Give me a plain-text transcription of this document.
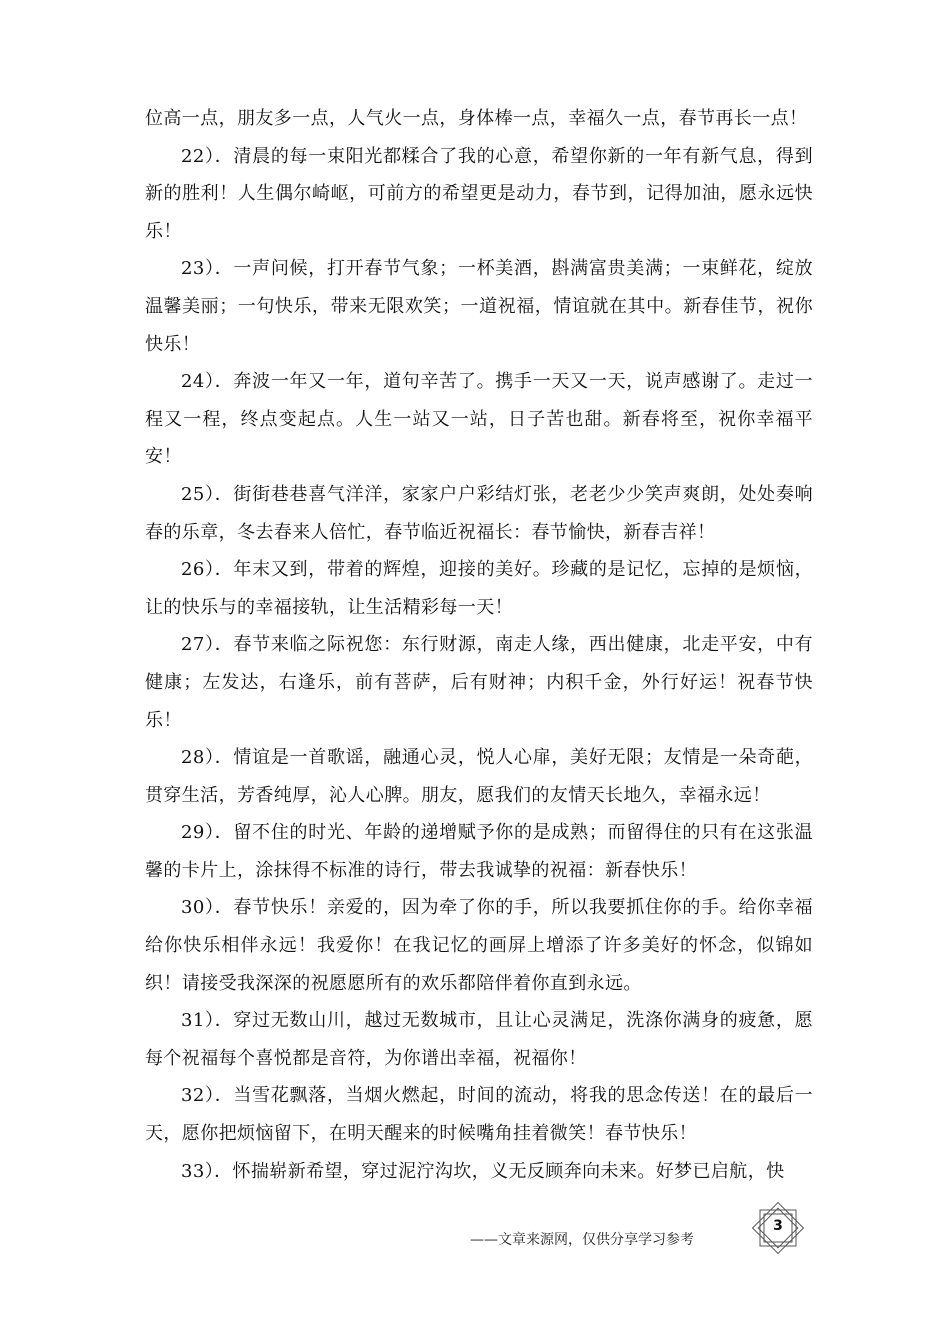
位高一点，朋友多一点，人气火一点，身体棒一点，幸福久一点，春节再长一点！

22）．清晨的每一束阳光都糅合了我的心意，希望你新的一年有新气息，得到新的胜利！人生偶尔崎岖，可前方的希望更是动力，春节到，记得加油，愿永远快乐！

23）．一声问候，打开春节气象；一杯美酒，斟满富贵美满；一束鲜花，绽放温馨美丽；一句快乐，带来无限欢笑；一道祝福，情谊就在其中。新春佳节，祝你快乐！

24）．奔波一年又一年，道句辛苦了。携手一天又一天，说声感谢了。走过一程又一程，终点变起点。人生一站又一站，日子苦也甜。新春将至，祝你幸福平安！

25）．街街巷巷喜气洋洋，家家户户彩结灯张，老老少少笑声爽朗，处处奏响春的乐章，冬去春来人倍忙，春节临近祝福长：春节愉快，新春吉祥！

26）．年末又到，带着的辉煌，迎接的美好。珍藏的是记忆，忘掉的是烦恼，让的快乐与的幸福接轨，让生活精彩每一天！

27）．春节来临之际祝您：东行财源，南走人缘，西出健康，北走平安，中有健康；左发达，右逢乐，前有菩萨，后有财神；内积千金，外行好运！祝春节快乐！

28）．情谊是一首歌谣，融通心灵，悦人心扉，美好无限；友情是一朵奇葩，贯穿生活，芳香纯厚，沁人心脾。朋友，愿我们的友情天长地久，幸福永远！

29）．留不住的时光、年龄的递增赋予你的是成熟；而留得住的只有在这张温馨的卡片上，涂抹得不标准的诗行，带去我诚挚的祝福：新春快乐！

30）．春节快乐！亲爱的，因为牵了你的手，所以我要抓住你的手。给你幸福给你快乐相伴永远！我爱你！在我记忆的画屏上增添了许多美好的怀念，似锦如织！请接受我深深的祝愿愿所有的欢乐都陪伴着你直到永远。

31）．穿过无数山川，越过无数城市，且让心灵满足，洗涤你满身的疲惫，愿每个祝福每个喜悦都是音符，为你谱出幸福，祝福你！

32）．当雪花飘落，当烟火燃起，时间的流动，将我的思念传送！在的最后一天，愿你把烦恼留下，在明天醒来的时候嘴角挂着微笑！春节快乐！

33）．怀揣崭新希望，穿过泥泞沟坎，义无反顾奔向未来。好梦已启航，快

——文章来源网，仅供分享学习参考
3
